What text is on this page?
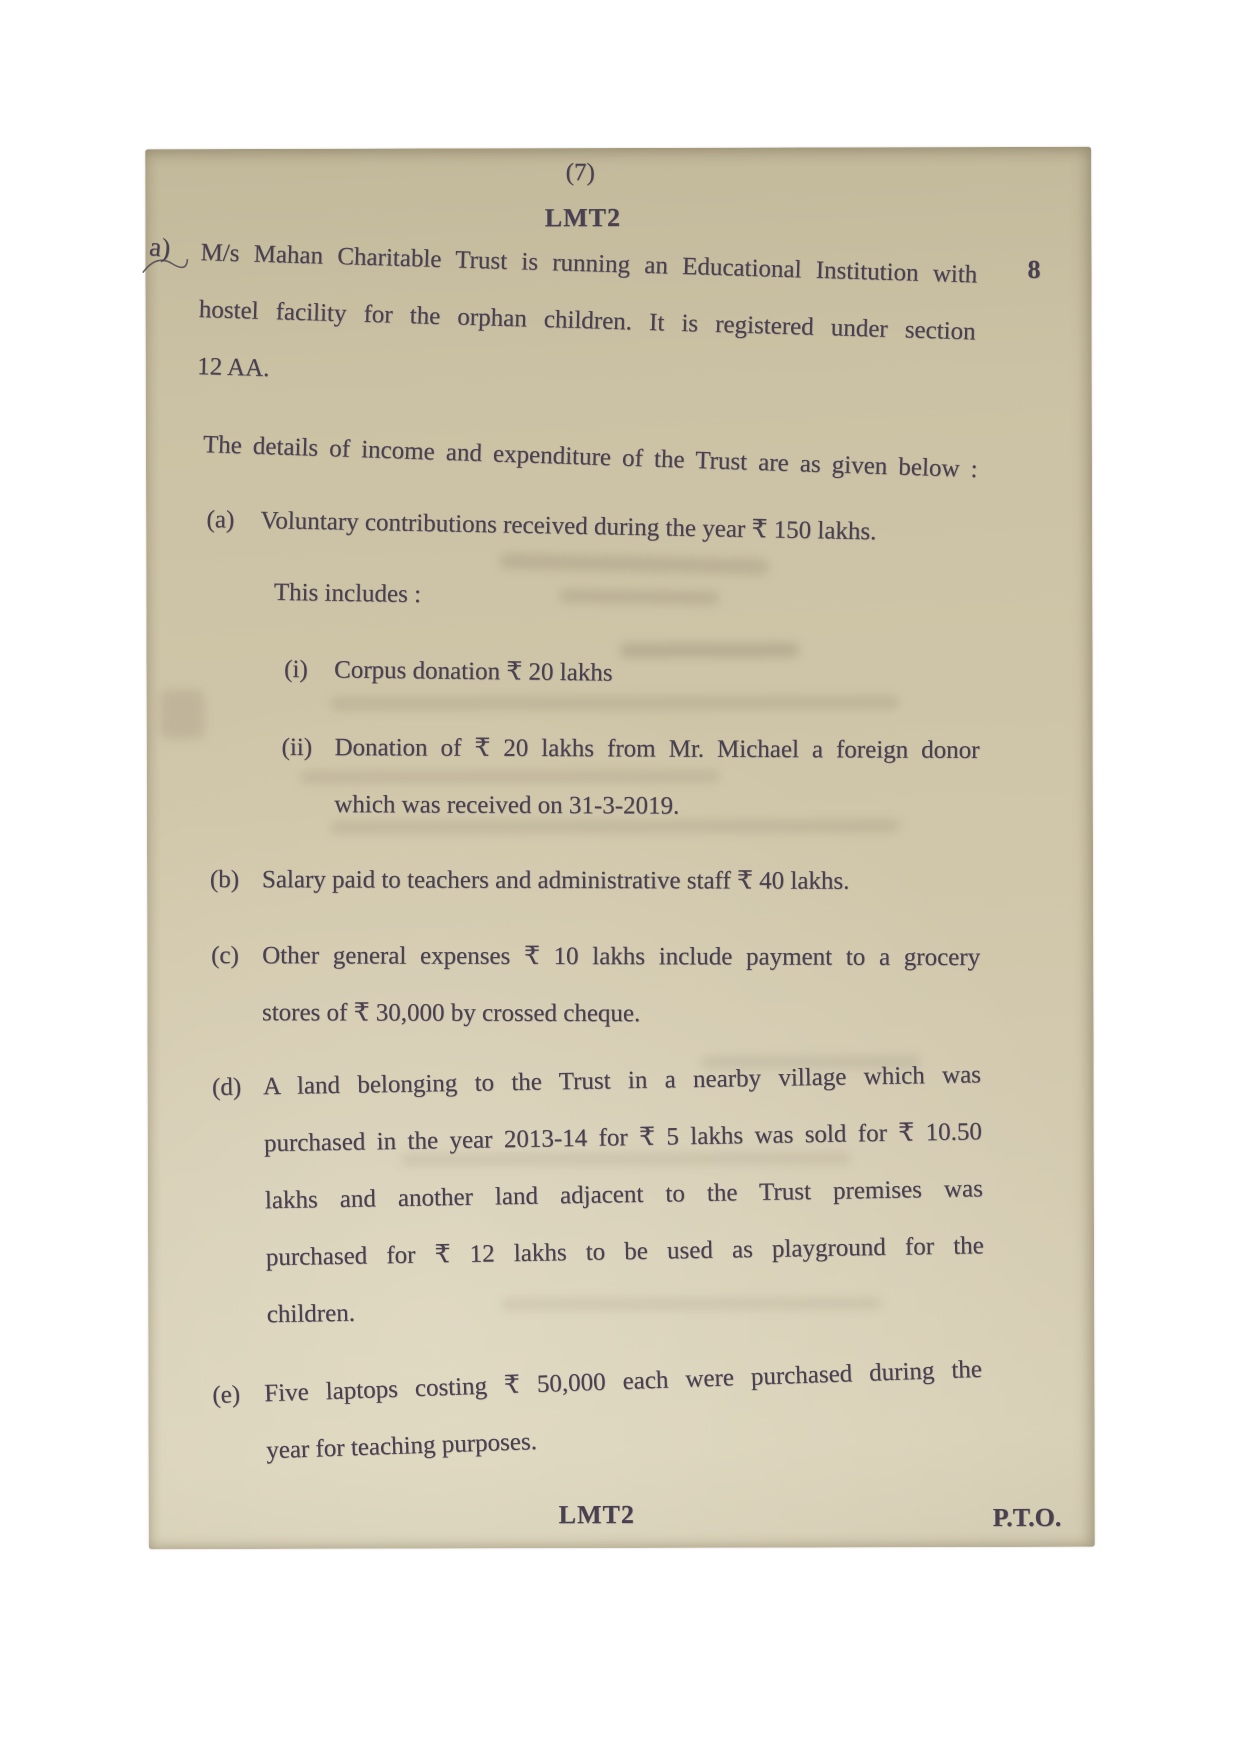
(7)
LMT2
8
a) M/s Mahan Charitable Trust is running an Educational Institution with
hostel facility for the orphan children. It is registered under section
12 AA.
The details of income and expenditure of the Trust are as given below :
(a) Voluntary contributions received during the year ₹ 150 lakhs.
This includes :
(i) Corpus donation ₹ 20 lakhs
(ii) Donation of ₹ 20 lakhs from Mr. Michael a foreign donor
which was received on 31-3-2019.
(b) Salary paid to teachers and administrative staff ₹ 40 lakhs.
(c) Other general expenses ₹ 10 lakhs include payment to a grocery
stores of ₹ 30,000 by crossed cheque.
(d) A land belonging to the Trust in a nearby village which was
purchased in the year 2013-14 for ₹ 5 lakhs was sold for ₹ 10.50
lakhs and another land adjacent to the Trust premises was
purchased for ₹ 12 lakhs to be used as playground for the
children.
(e) Five laptops costing ₹ 50,000 each were purchased during the
year for teaching purposes.
LMT2	P.T.O.
